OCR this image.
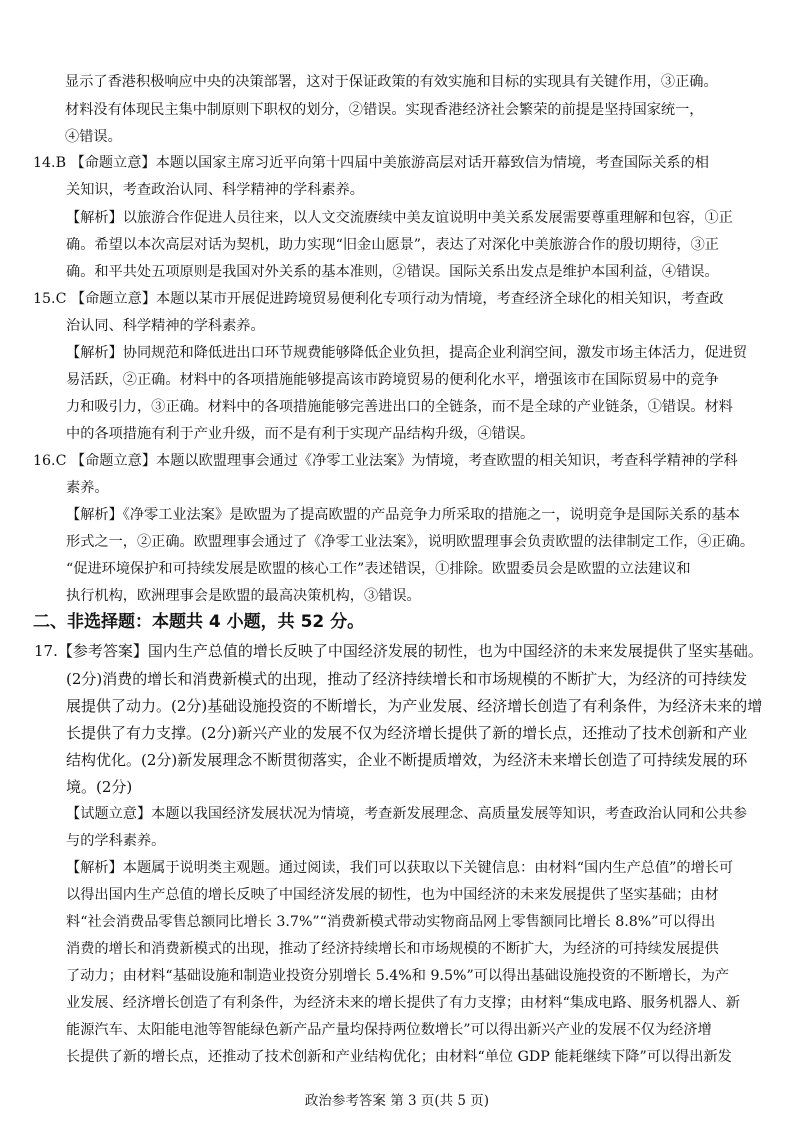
显示了香港积极响应中央的决策部署，这对于保证政策的有效实施和目标的实现具有关键作用，③正确。
材料没有体现民主集中制原则下职权的划分，②错误。实现香港经济社会繁荣的前提是坚持国家统一，
④错误。
14.B 【命题立意】本题以国家主席习近平向第十四届中美旅游高层对话开幕致信为情境，考查国际关系的相
关知识，考查政治认同、科学精神的学科素养。
【解析】以旅游合作促进人员往来，以人文交流赓续中美友谊说明中美关系发展需要尊重理解和包容，①正
确。希望以本次高层对话为契机，助力实现“旧金山愿景”，表达了对深化中美旅游合作的殷切期待，③正
确。和平共处五项原则是我国对外关系的基本准则，②错误。国际关系出发点是维护本国利益，④错误。
15.C 【命题立意】本题以某市开展促进跨境贸易便利化专项行动为情境，考查经济全球化的相关知识，考查政
治认同、科学精神的学科素养。
【解析】协同规范和降低进出口环节规费能够降低企业负担，提高企业利润空间，激发市场主体活力，促进贸
易活跃，②正确。材料中的各项措施能够提高该市跨境贸易的便利化水平，增强该市在国际贸易中的竞争
力和吸引力，③正确。材料中的各项措施能够完善进出口的全链条，而不是全球的产业链条，①错误。材料
中的各项措施有利于产业升级，而不是有利于实现产品结构升级，④错误。
16.C 【命题立意】本题以欧盟理事会通过《净零工业法案》为情境，考查欧盟的相关知识，考查科学精神的学科
素养。
【解析】《净零工业法案》是欧盟为了提高欧盟的产品竞争力所采取的措施之一，说明竞争是国际关系的基本
形式之一，②正确。欧盟理事会通过了《净零工业法案》，说明欧盟理事会负责欧盟的法律制定工作，④正确。
“促进环境保护和可持续发展是欧盟的核心工作”表述错误，①排除。欧盟委员会是欧盟的立法建议和
执行机构，欧洲理事会是欧盟的最高决策机构，③错误。
二、非选择题：本题共 4 小题，共 52 分。
17.【参考答案】国内生产总值的增长反映了中国经济发展的韧性，也为中国经济的未来发展提供了坚实基础。
(2分)消费的增长和消费新模式的出现，推动了经济持续增长和市场规模的不断扩大，为经济的可持续发
展提供了动力。(2分)基础设施投资的不断增长，为产业发展、经济增长创造了有利条件，为经济未来的增
长提供了有力支撑。(2分)新兴产业的发展不仅为经济增长提供了新的增长点，还推动了技术创新和产业
结构优化。(2分)新发展理念不断贯彻落实，企业不断提质增效，为经济未来增长创造了可持续发展的环
境。(2分)
【试题立意】本题以我国经济发展状况为情境，考查新发展理念、高质量发展等知识，考查政治认同和公共参
与的学科素养。
【解析】本题属于说明类主观题。通过阅读，我们可以获取以下关键信息：由材料“国内生产总值”的增长可
以得出国内生产总值的增长反映了中国经济发展的韧性，也为中国经济的未来发展提供了坚实基础；由材
料“社会消费品零售总额同比增长 3.7%”“消费新模式带动实物商品网上零售额同比增长 8.8%”可以得出
消费的增长和消费新模式的出现，推动了经济持续增长和市场规模的不断扩大，为经济的可持续发展提供
了动力；由材料“基础设施和制造业投资分别增长 5.4%和 9.5%”可以得出基础设施投资的不断增长，为产
业发展、经济增长创造了有利条件，为经济未来的增长提供了有力支撑；由材料“集成电路、服务机器人、新
能源汽车、太阳能电池等智能绿色新产品产量均保持两位数增长”可以得出新兴产业的发展不仅为经济增
长提供了新的增长点，还推动了技术创新和产业结构优化；由材料“单位 GDP 能耗继续下降”可以得出新发
政治参考答案 第 3 页(共 5 页)
